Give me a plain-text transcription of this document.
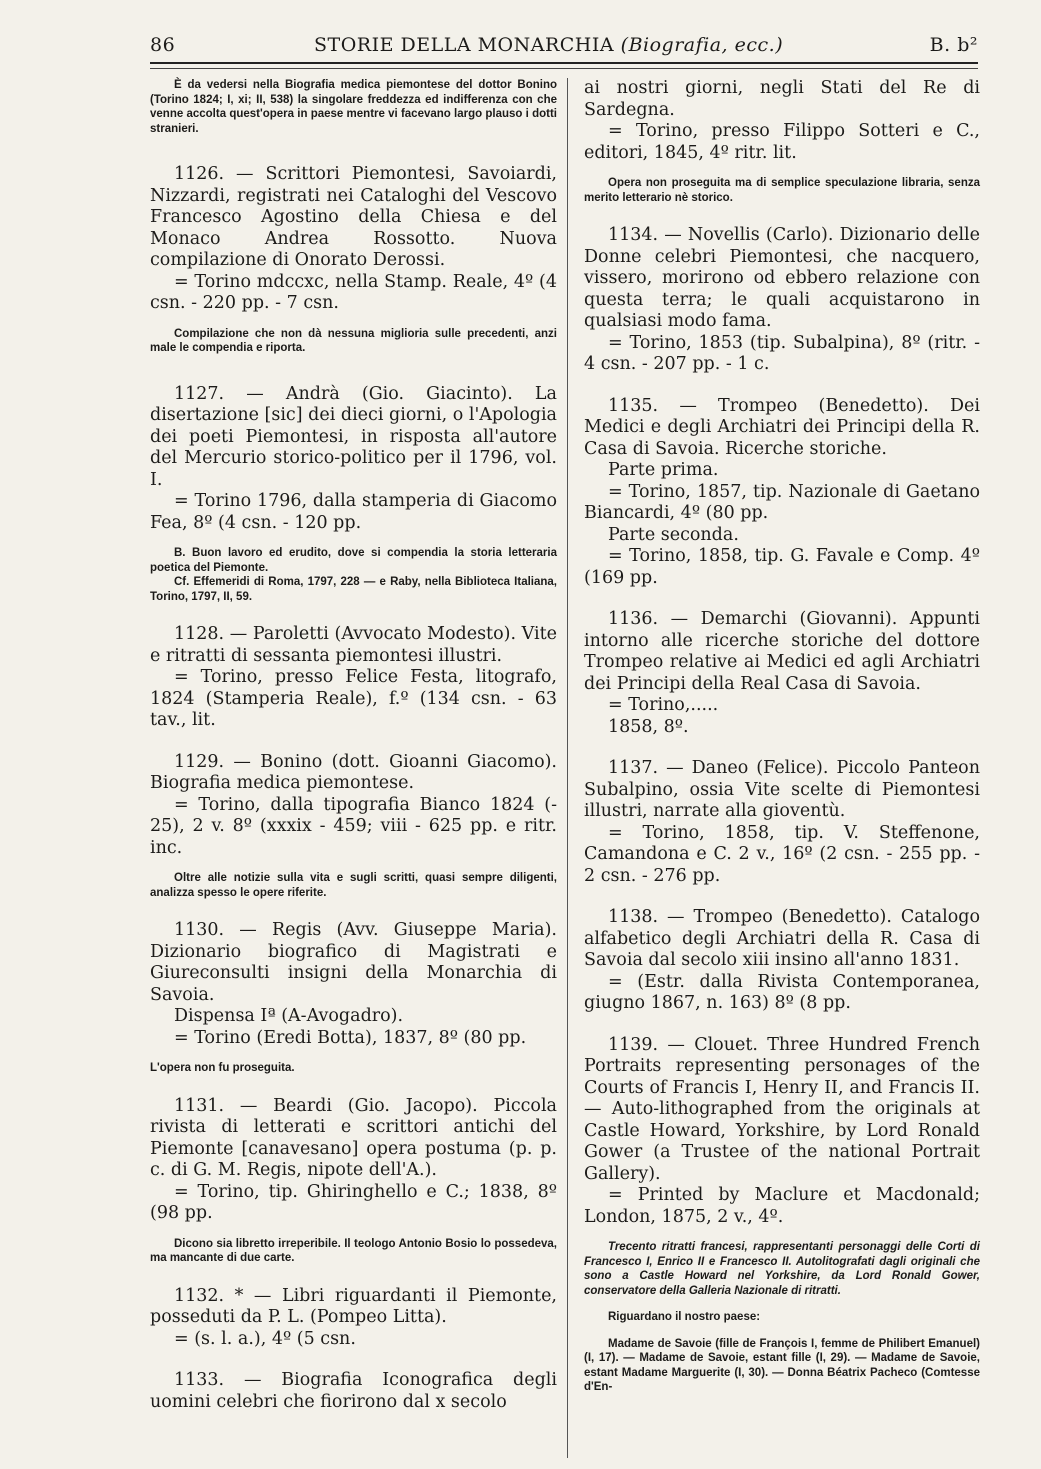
86	STORIE DELLA MONARCHIA (Biografia, ecc.)	B. b²

È da vedersi nella Biografia medica piemontese del dottor Bonino (Torino 1824; I, xi; II, 538) la singolare freddezza ed indifferenza con che venne accolta quest'opera in paese mentre vi facevano largo plauso i dotti stranieri.

1126. — Scrittori Piemontesi, Savoiardi, Nizzardi, registrati nei Cataloghi del Vescovo Francesco Agostino della Chiesa e del Monaco Andrea Rossotto. Nuova compilazione di Onorato Derossi.

= Torino mdccxc, nella Stamp. Reale, 4º (4 csn. - 220 pp. - 7 csn.

Compilazione che non dà nessuna miglioria sulle precedenti, anzi male le compendia e riporta.

1127. — Andrà (Gio. Giacinto). La disertazione [sic] dei dieci giorni, o l'Apologia dei poeti Piemontesi, in risposta all'autore del Mercurio storico-politico per il 1796, vol. I.

= Torino 1796, dalla stamperia di Giacomo Fea, 8º (4 csn. - 120 pp.

B. Buon lavoro ed erudito, dove si compendia la storia letteraria poetica del Piemonte.

Cf. Effemeridi di Roma, 1797, 228 — e Raby, nella Biblioteca Italiana, Torino, 1797, II, 59.

1128. — Paroletti (Avvocato Modesto). Vite e ritratti di sessanta piemontesi illustri.

= Torino, presso Felice Festa, litografo, 1824 (Stamperia Reale), f.º (134 csn. - 63 tav., lit.

1129. — Bonino (dott. Gioanni Giacomo). Biografia medica piemontese.

= Torino, dalla tipografia Bianco 1824 (- 25), 2 v. 8º (xxxix - 459; viii - 625 pp. e ritr. inc.

Oltre alle notizie sulla vita e sugli scritti, quasi sempre diligenti, analizza spesso le opere riferite.

1130. — Regis (Avv. Giuseppe Maria). Dizionario biografico di Magistrati e Giureconsulti insigni della Monarchia di Savoia.

Dispensa Iª (A-Avogadro).

= Torino (Eredi Botta), 1837, 8º (80 pp.

L'opera non fu proseguita.

1131. — Beardi (Gio. Jacopo). Piccola rivista di letterati e scrittori antichi del Piemonte [canavesano] opera postuma (p. p. c. di G. M. Regis, nipote dell'A.).

= Torino, tip. Ghiringhello e C.; 1838, 8º (98 pp.

Dicono sia libretto irreperibile. Il teologo Antonio Bosio lo possedeva, ma mancante di due carte.

1132. * — Libri riguardanti il Piemonte, posseduti da P. L. (Pompeo Litta).

= (s. l. a.), 4º (5 csn.

1133. — Biografia Iconografica degli uomini celebri che fiorirono dal x secolo

ai nostri giorni, negli Stati del Re di Sardegna.

= Torino, presso Filippo Sotteri e C., editori, 1845, 4º ritr. lit.

Opera non proseguita ma di semplice speculazione libraria, senza merito letterario nè storico.

1134. — Novellis (Carlo). Dizionario delle Donne celebri Piemontesi, che nacquero, vissero, morirono od ebbero relazione con questa terra; le quali acquistarono in qualsiasi modo fama.

= Torino, 1853 (tip. Subalpina), 8º (ritr. - 4 csn. - 207 pp. - 1 c.

1135. — Trompeo (Benedetto). Dei Medici e degli Archiatri dei Principi della R. Casa di Savoia. Ricerche storiche.

Parte prima.

= Torino, 1857, tip. Nazionale di Gaetano Biancardi, 4º (80 pp.

Parte seconda.

= Torino, 1858, tip. G. Favale e Comp. 4º (169 pp.

1136. — Demarchi (Giovanni). Appunti intorno alle ricerche storiche del dottore Trompeo relative ai Medici ed agli Archiatri dei Principi della Real Casa di Savoia.

= Torino,.....

1858, 8º.

1137. — Daneo (Felice). Piccolo Panteon Subalpino, ossia Vite scelte di Piemontesi illustri, narrate alla gioventù.

= Torino, 1858, tip. V. Steffenone, Camandona e C. 2 v., 16º (2 csn. - 255 pp. - 2 csn. - 276 pp.

1138. — Trompeo (Benedetto). Catalogo alfabetico degli Archiatri della R. Casa di Savoia dal secolo xiii insino all'anno 1831.

= (Estr. dalla Rivista Contemporanea, giugno 1867, n. 163) 8º (8 pp.

1139. — Clouet. Three Hundred French Portraits representing personages of the Courts of Francis I, Henry II, and Francis II. — Auto-lithographed from the originals at Castle Howard, Yorkshire, by Lord Ronald Gower (a Trustee of the national Portrait Gallery).

= Printed by Maclure et Macdonald; London, 1875, 2 v., 4º.

Trecento ritratti francesi, rappresentanti personaggi delle Corti di Francesco I, Enrico II e Francesco II. Autolitografati dagli originali che sono a Castle Howard nel Yorkshire, da Lord Ronald Gower, conservatore della Galleria Nazionale di ritratti.

Riguardano il nostro paese:

Madame de Savoie (fille de François I, femme de Philibert Emanuel) (I, 17). — Madame de Savoie, estant fille (I, 29). — Madame de Savoie, estant Madame Marguerite (I, 30). — Donna Béatrix Pacheco (Comtesse d'En-
